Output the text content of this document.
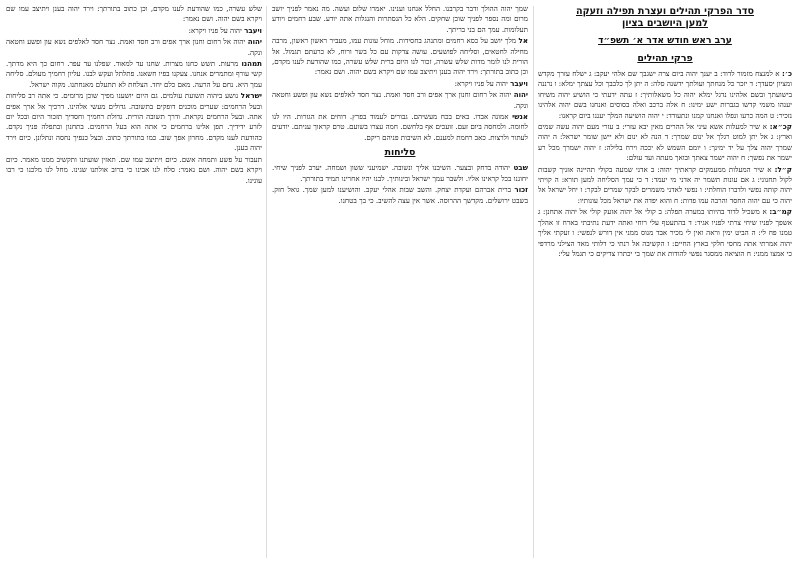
סדר הפרקי תהילים ועצרת תפילה וזעקה
למען היושבים בציון
ערב ראש חודש אדר א׳ תשפ״ד
פרקי תהילים

כ׳: א למנצח מזמור לדוד: ב יענך יהוה ביום צרה ישגבך שם אלהי יעקב: ג ישלח עזרך מקדש ומציון יסעדך: ד יזכר כל מנחתך ועולתך ידשנה סלה: ה יתן לך כלבבך וכל עצתך ימלא: ו נרננה בישועתך ובשם אלהינו נדגל ימלא יהוה כל משאלותיך: ז עתה ידעתי כי הושיע יהוה משיחו יענהו משמי קדשו בגברות ישע ימינו: ח אלה ברכב ואלה בסוסים ואנחנו בשם יהוה אלהינו נזכיר: ט המה כרעו ונפלו ואנחנו קמנו ונתעודד: י יהוה הושיעה המלך יעננו ביום קראנו:

קכ״א: א שיר למעלות אשא עיני אל ההרים מאין יבא עזרי: ב עזרי מעם יהוה עשה שמים וארץ: ג אל יתן למוט רגלך אל ינום שמרך: ד הנה לא ינום ולא יישן שומר ישראל: ה יהוה שמרך יהוה צלך על יד ימינך: ו יומם השמש לא יככה וירח בלילה: ז יהוה ישמרך מכל רע ישמר את נפשך: ח יהוה ישמר צאתך ובואך מעתה ועד עולם:

ק״ל: א שיר המעלות ממעמקים קראתיך יהוה: ב אדני שמעה בקולי תהיינה אזניך קשבות לקול תחנוני: ג אם עונות תשמר יה אדני מי יעמד: ד כי עמך הסליחה למען תורא: ה קויתי יהוה קותה נפשי ולדברו הוחלתי: ו נפשי לאדני משמרים לבקר שמרים לבקר: ז יחל ישראל אל יהוה כי עם יהוה החסד והרבה עמו פדות: ח והוא יפדה את ישראל מכל עונותיו:

קמ״ב: א משכיל לדוד בהיותו במערה תפלה: ב קולי אל יהוה אזעק קולי אל יהוה אתחנן: ג אשפך לפניו שיחי צרתי לפניו אגיד: ד בהתעטף עלי רוחי ואתה ידעת נתיבתי בארח זו אהלך טמנו פח לי: ה הביט ימין וראה ואין לי מכיר אבד מנוס ממני אין דורש לנפשי: ו זעקתי אליך יהוה אמרתי אתה מחסי חלקי בארץ החיים: ז הקשיבה אל רנתי כי דלותי מאד הצילני מרדפי כי אמצו ממני: ח הוציאה ממסגר נפשי להודות את שמך בי יכתרו צדיקים כי תגמל עלי:

שמך יהוה ההולך ודבר בקרבנו. החלל אנחנו וענינו. יאמרו שלום ועשה. מה נאמר לפניך יושב מרום ומה נספר לפניך שוכן שחקים. הלא כל הנסתרות והנגלות אתה יודע. שבע רחמים ויודע תעלומות. עמך הם בני בריתך.

אל מלך יושב על כסא רחמים ומתנהג בחסידות. מוחל עונות עמו, מעביר ראשון ראשון, מרבה מחילה לחטאים, וסליחה לפושעים. עושה צדקות עם כל בשר ורוח, לא כרעתם תגמול. אל הורית לנו לומר מדות שלש עשרה, זכור לנו היום ברית שלש עשרה, כמו שהודעת לענו מקדם, וכן כתוב בתורתך: וירד יהוה בענן ויתיצב עמו שם ויקרא בשם יהוה. ושם נאמר:

ויעבר יהוה על פניו ויקרא:

יהוה יהוה אל רחום וחנון ארך אפים ורב חסד ואמת. נצר חסד לאלפים נשא עון ופשע וחטאה ונקה.

אנשי אמונה אבדו. באים בכח מעשיהם. גבורים לעמוד בפרץ. דוחים את הגזרות. היו לנו לחומה. ולמחסה ביום זעם. זועכים אף בלחשם. חמה עצרו בשועם. טרם קראוך עניתם. יודעים לעתור ולרצות. כאב רחמת למענם. לא השיבות פניהם ריקם.

סליחות

שבט יהודה בדחק ובצער. השיבנו אליך ונשובה. ישמיעני ששון ושמחה. יערב לפניך שיחי. יחוננו בכל קראינו אליו. ולשבר עמך ישראל ובינותיך. לבנו יהיו אחרינו תמיד בתורתך.

זכור ברית אברהם ועקדת יצחק. והשב שבות אהלי יעקב. והושיענו למען שמך. גואל חזק. בשבט ירושלים. מקדשך ההרוסה. אשר אין עצה להשיב. כי בך בטחנו.

שלש עשרה, כמו שהודעת לענו מקדם, וכן כתוב בתורתך: וירד יהוה בענן ויתיצב עמו שם ויקרא בשם יהוה. ושם נאמר:

ויעבר יהוה על פניו ויקרא:

יהוה יהוה אל רחום וחנון ארך אפים ורב חסד ואמת. נצר חסד לאלפים נשא עון ופשע וחטאה ונקה.

תמהנו מרעות. תשש כחנו מצרות. שחנו עד למאוד. שפלנו עד עפר. רחום כך היא מדתך. קשי עורף ומתמרים אנחנו. צעקנו בפיו חשאנו. פתלתל ועקש לבנו. עליון רחמיך מעולם. סליחה עמך היא. נחם על הרעה. מאם כלם יחד. הצלחת לא תתעלם מאנחתנו. מקוה ישראל.

ישראל נושע ביהוה תשועת עולמים. גם היום יושענו מפיך שוכן מרומים. כי אתה רב סליחות ובעל הרחמים: שערים מוכנים דופקים בתשובה. גדולים מעשי אלהינו. דרכיך אל ארך אפים אתה. ובעל הרחמים נקראת. ודרך תשובה הורית. גדולת רחמיך וחסדיך תזכור היום ובכל יום לזרע ידידיך. תפן אלינו ברחמים כי אתה הוא בעל הרחמים. בתחנון ובתפלה פניך נקדם. כהודעת לענו מקדם. מחרון אפך שוב. כמו בתורתך כתוב. ובצל כנפיך נחסה ונתלונן. כיום וירד יהוה בענן.

תעבור על פשע ותמחה אשם. כיום ויתיצב עמו שם. תאזין שועתנו ותקשיב ממנו מאמר. כיום ויקרא בשם יהוה. ושם נאמר: סלח לנו אבינו כי ברוב אולתנו שגינו. מחל לנו מלכנו כי רבו עונינו.
